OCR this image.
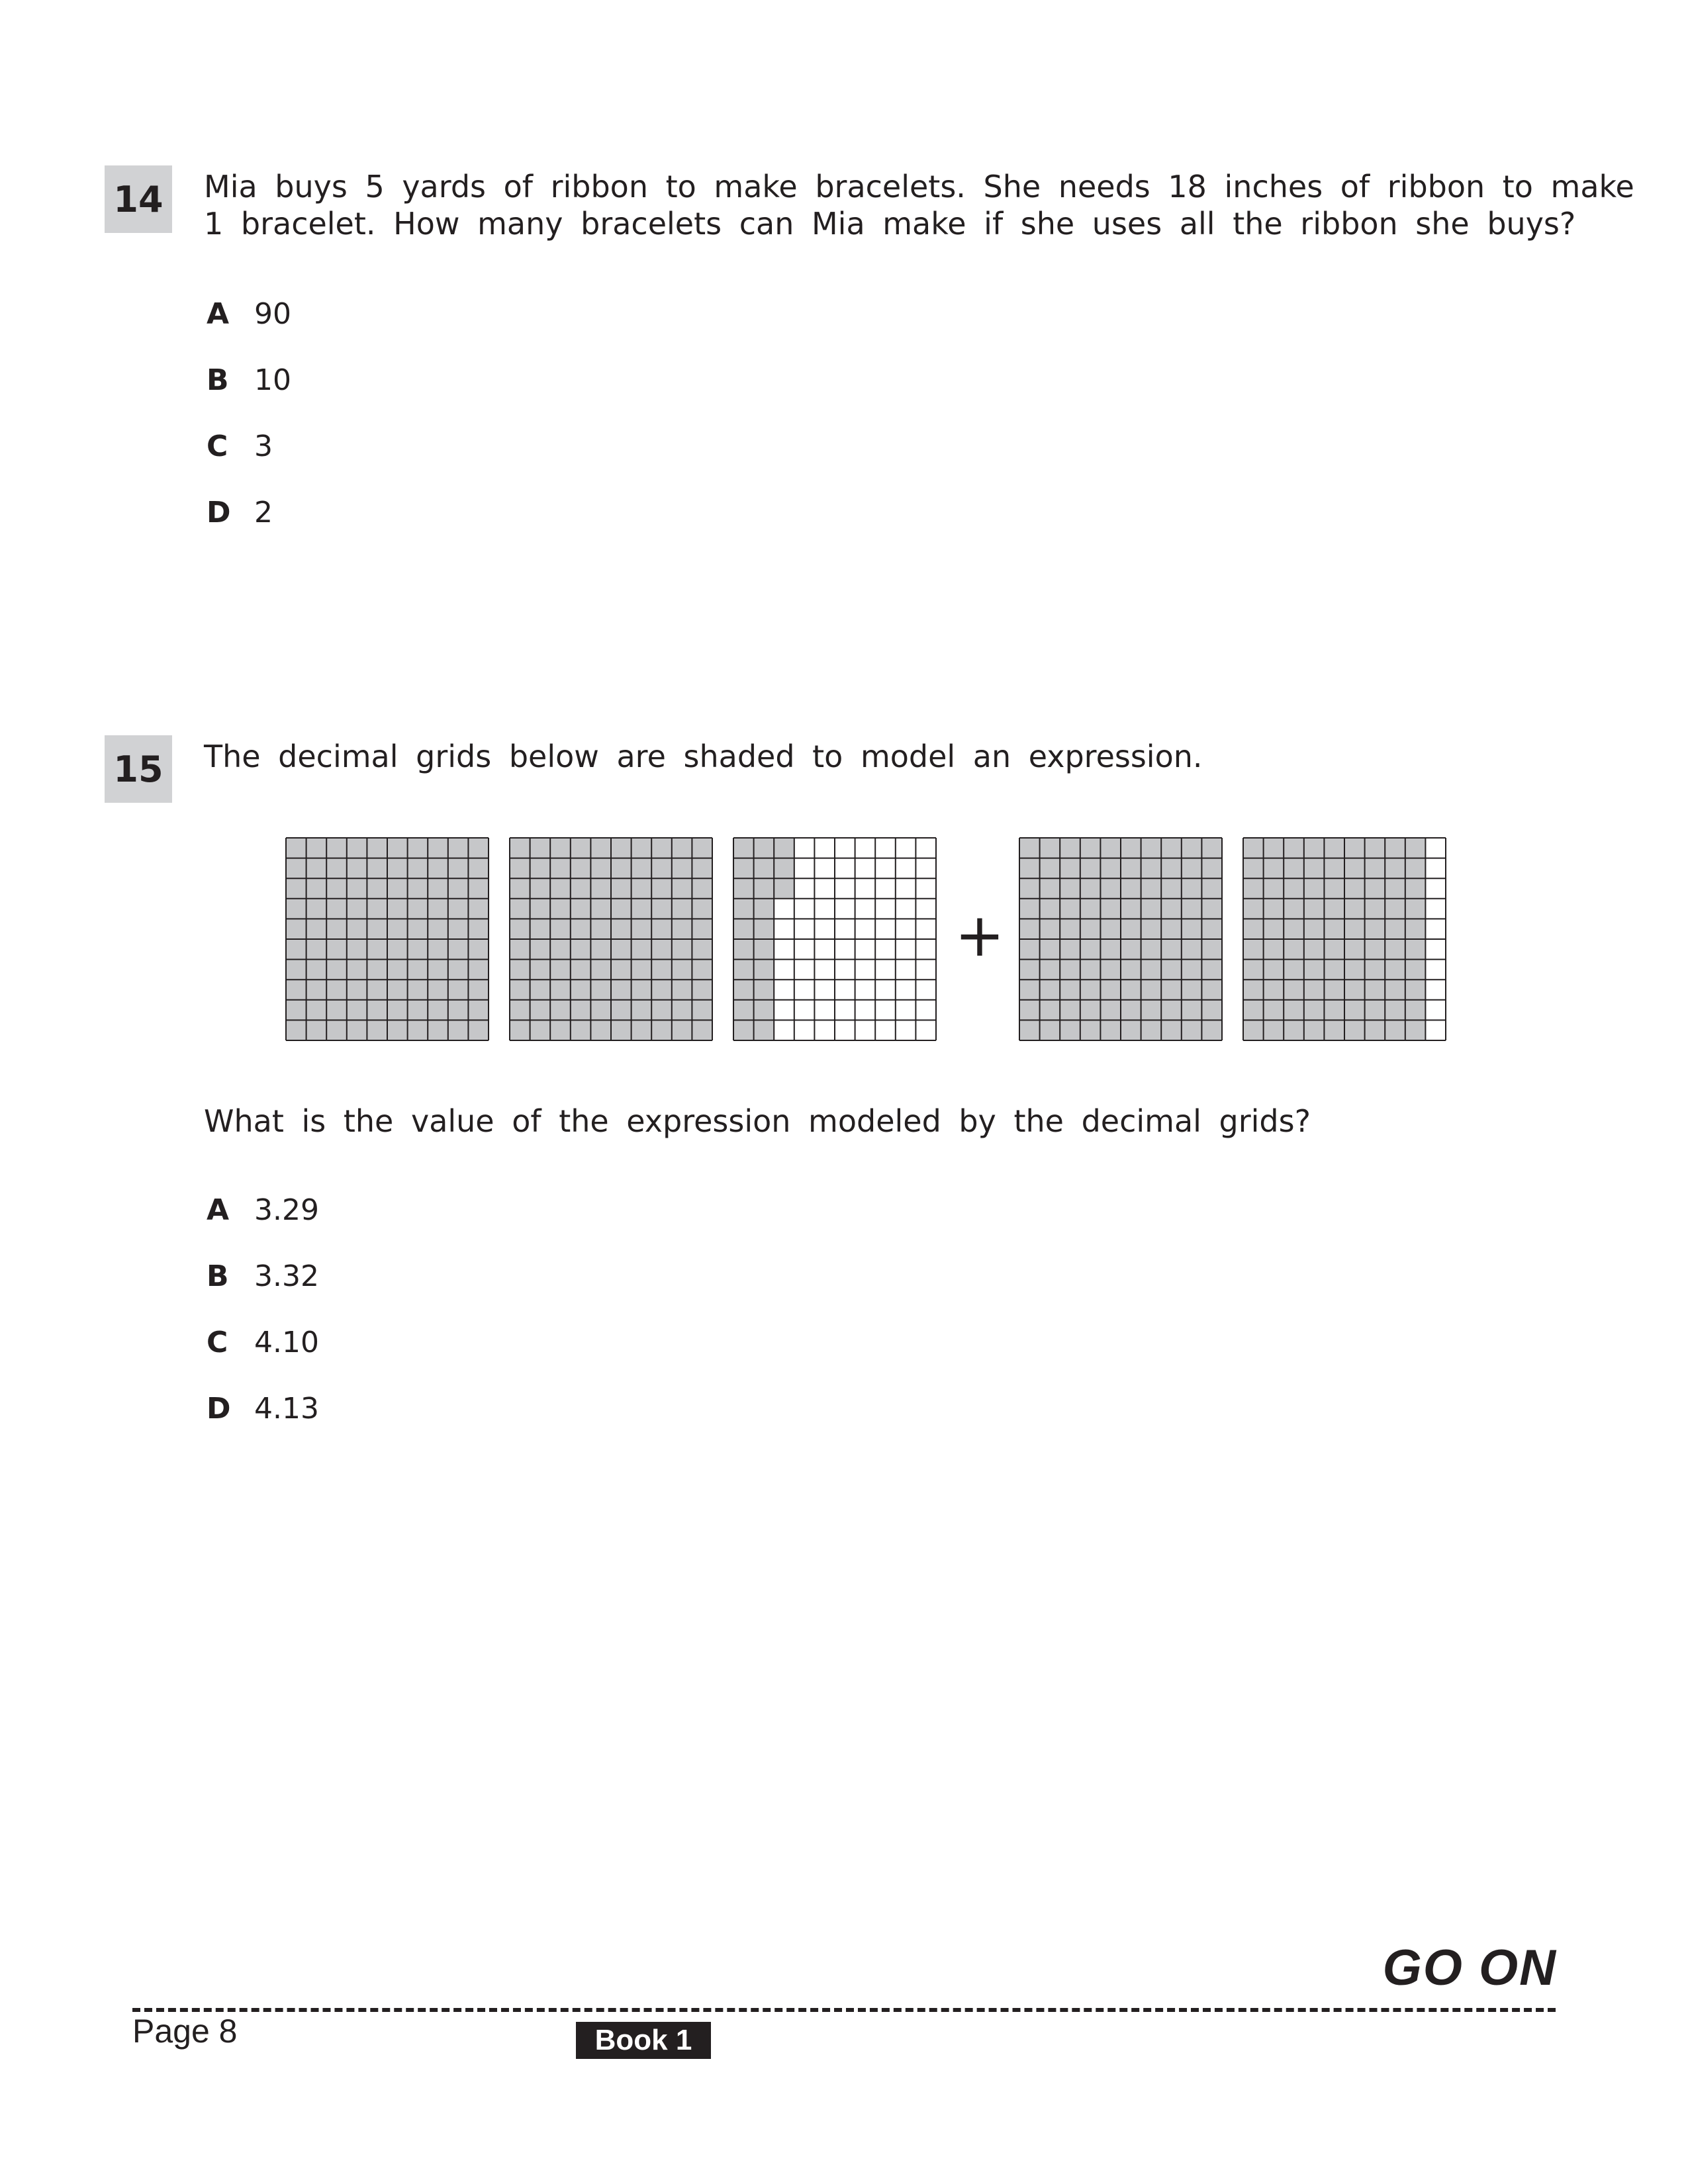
14 Mia buys 5 yards of ribbon to make bracelets. She needs 18 inches of ribbon to make
1 bracelet. How many bracelets can Mia make if she uses all the ribbon she buys?
A 90
B 10
C 3
D 2
15 The decimal grids below are shaded to model an expression.
+
What is the value of the expression modeled by the decimal grids?
A 3.29
B 3.32
C 4.10
D 4.13
GO ON
Page 8	Book 1
